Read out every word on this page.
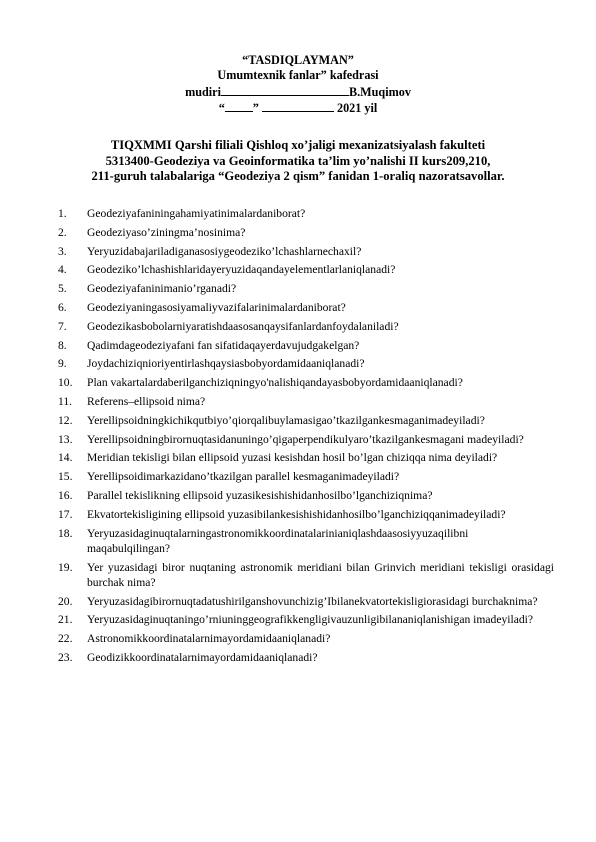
“TASDIQLAYMAN”
Umumtexnik fanlar” kafedrasi
mudiri	B.Muqimov
“ ”	2021 yil
TIQXMMI Qarshi filiali Qishloq xo’jaligi mexanizatsiyalash fakulteti
5313400-Geodeziya va Geoinformatika ta’lim yo’nalishi II kurs209,210,
211-guruh talabalariga “Geodeziya 2 qism” fanidan 1-oraliq nazoratsavollar.
1. Geodeziyafaniningahamiyatinimalardaniborat?
2. Geodeziyaso’ziningma’nosinima?
3. Yeryuzidabajariladiganasosiygeodeziko’lchashlarnechaxil?
4. Geodeziko’lchashishlaridayeryuzidaqandayelementlarlaniqlanadi?
5. Geodeziyafaninimanio’rganadi?
6. Geodeziyaningasosiyamaliyvazifalarinimalardaniborat?
7. Geodezikasbobolarniyaratishdaasosanqaysifanlardanfoydalaniladi?
8. Qadimdageodeziyafani fan sifatidaqayerdavujudgakelgan?
9. Joydachiziqnioriyentirlashqaysiasbobyordamidaaniqlanadi?
10. Plan vakartalardaberilganchiziqningyo'nalishiqandayasbobyordamidaaniqlanadi?
11. Referens–ellipsoid nima?
12. Yerellipsoidningkichikqutbiyo’qiorqalibuylamasigao’tkazilgankesmaganimadeyiladi?
13. Yerellipsoidningbirornuqtasidanuningo’qigaperpendikulyaro’tkazilgankesmagani madeyiladi?
14. Meridian tekisligi bilan ellipsoid yuzasi kesishdan hosil bo’lgan chiziqqa nima deyiladi?
15. Yerellipsoidimarkazidano’tkazilgan parallel kesmaganimadeyiladi?
16. Parallel tekislikning ellipsoid yuzasikesishishidanhosilbo’lganchiziqnima?
17. Ekvatortekisligining ellipsoid yuzasibilankesishishidanhosilbo’lganchiziqqanimadeyiladi?
18. Yeryuzasidaginuqtalarningastronomikkoordinatalarinianiqlashdaasosiyyuzaqilibni maqabulqilingan?
19. Yer yuzasidagi biror nuqtaning astronomik meridiani bilan Grinvich meridiani tekisligi orasidagi burchak nima?
20. Yeryuzasidagibirornuqtadatushirilganshovunchizig’Ibilanekvatortekisligiorasidagi burchaknima?
21. Yeryuzasidaginuqtaningo’rniuninggeografikkengligivauzunligibilananiqlanishigan imadeyiladi?
22. Astronomikkoordinatalarnimayordamidaaniqlanadi?
23. Geodizikkoordinatalarnimayordamidaaniqlanadi?
